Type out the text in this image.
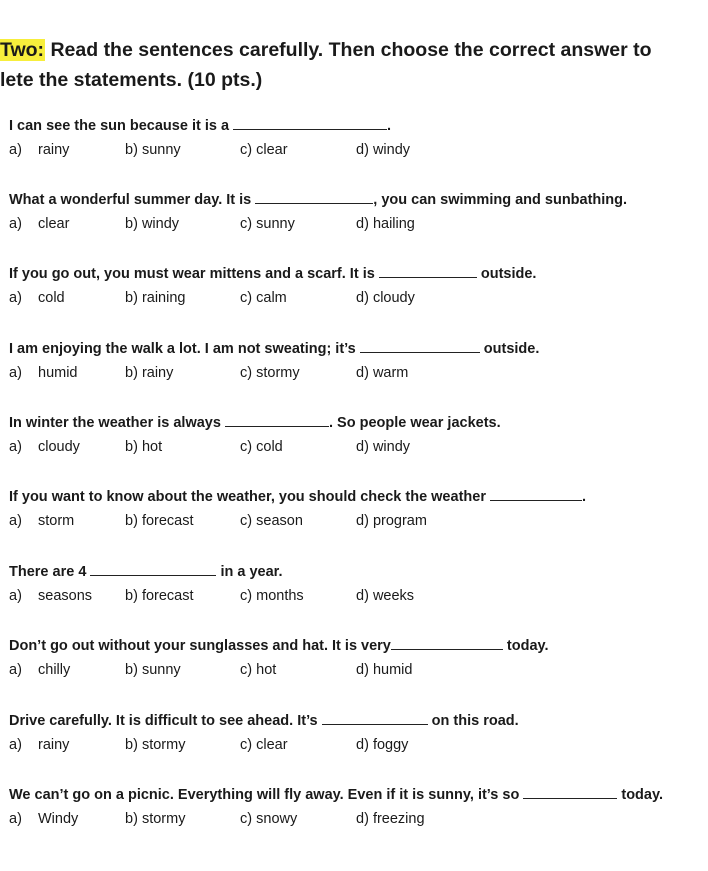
Two: Read the sentences carefully. Then choose the correct answer to
lete the statements. (10 pts.)
I can see the sun because it is a	.
a) rainy	b) sunny	c) clear	d) windy
What a wonderful summer day. It is	, you can swimming and sunbathing.
a) clear	b) windy	c) sunny	d) hailing
If you go out, you must wear mittens and a scarf. It is	outside.
a) cold	b) raining	c) calm	d) cloudy
I am enjoying the walk a lot. I am not sweating; it’s	outside.
a) humid	b) rainy	c) stormy	d) warm
In winter the weather is always	. So people wear jackets.
a) cloudy	b) hot	c) cold	d) windy
If you want to know about the weather, you should check the weather	.
a) storm	b) forecast	c) season	d) program
There are 4	in a year.
a) seasons b) forecast	c) months	d) weeks
Don’t go out without your sunglasses and hat. It is very	today.
a) chilly	b) sunny	c) hot	d) humid
Drive carefully. It is difficult to see ahead. It’s	on this road.
a) rainy	b) stormy	c) clear	d) foggy
We can’t go on a picnic. Everything will fly away. Even if it is sunny, it’s so	today.
a) Windy	b) stormy	c) snowy	d) freezing
